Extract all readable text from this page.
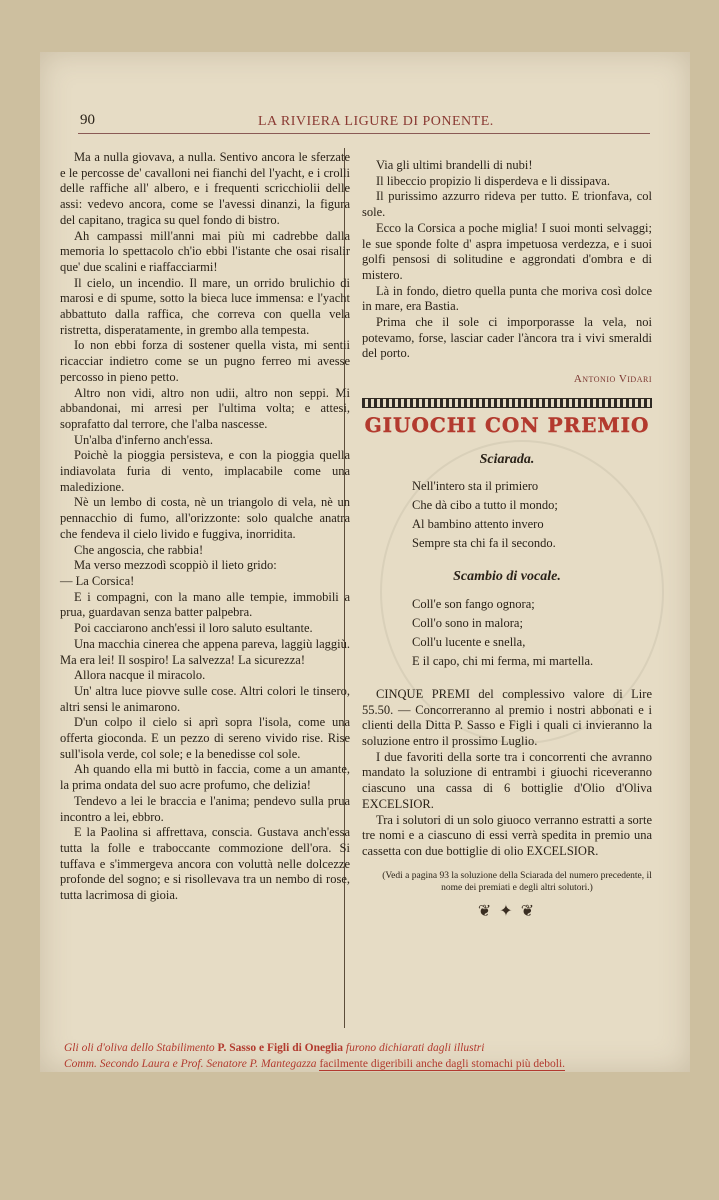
90	LA RIVIERA LIGURE DI PONENTE.

Ma a nulla giovava, a nulla. Sentivo ancora le sferzate e le percosse de' cavalloni nei fianchi del l'yacht, e i crolli delle raffiche all' albero, e i frequenti scricchiolii delle assi: vedevo ancora, come se l'avessi dinanzi, la figura del capitano, tragica su quel fondo di bistro.

Ah campassi mill'anni mai più mi cadrebbe dalla memoria lo spettacolo ch'io ebbi l'istante che osai risalir que' due scalini e riaffacciarmi!

Il cielo, un incendio. Il mare, un orrido brulichio di marosi e di spume, sotto la bieca luce immensa: e l'yacht abbattuto dalla raffica, che correva con quella vela ristretta, disperatamente, in grembo alla tempesta.

Io non ebbi forza di sostener quella vista, mi sentii ricacciar indietro come se un pugno ferreo mi avesse percosso in pieno petto.

Altro non vidi, altro non udii, altro non seppi. Mi abbandonai, mi arresi per l'ultima volta; e attesi, soprafatto dal terrore, che l'alba nascesse.

Un'alba d'inferno anch'essa.

Poichè la pioggia persisteva, e con la pioggia quella indiavolata furia di vento, implacabile come una maledizione.

Nè un lembo di costa, nè un triangolo di vela, nè un pennacchio di fumo, all'orizzonte: solo qualche anatra che fendeva il cielo livido e fuggiva, inorridita.

Che angoscia, che rabbia!

Ma verso mezzodì scoppiò il lieto grido:

— La Corsica!

E i compagni, con la mano alle tempie, immobili a prua, guardavan senza batter palpebra.

Poi cacciarono anch'essi il loro saluto esultante.

Una macchia cinerea che appena pareva, laggiù laggiù. Ma era lei! Il sospiro! La salvezza! La sicurezza!

Allora nacque il miracolo.

Un' altra luce piovve sulle cose. Altri colori le tinsero, altri sensi le animarono.

D'un colpo il cielo si aprì sopra l'isola, come una offerta gioconda. E un pezzo di sereno vivido rise. Rise sull'isola verde, col sole; e la benedisse col sole.

Ah quando ella mi buttò in faccia, come a un amante, la prima ondata del suo acre profumo, che delizia!

Tendevo a lei le braccia e l'anima; pendevo sulla prua incontro a lei, ebbro.

E la Paolina si affrettava, conscia. Gustava anch'essa tutta la folle e traboccante commozione dell'ora. Si tuffava e s'immergeva ancora con voluttà nelle dolcezze profonde del sogno; e si risollevava tra un nembo di rose, tutta lacrimosa di gioia.

Via gli ultimi brandelli di nubi!

Il libeccio propizio li disperdeva e li dissipava.

Il purissimo azzurro rideva per tutto. E trionfava, col sole.

Ecco la Corsica a poche miglia! I suoi monti selvaggi; le sue sponde folte d' aspra impetuosa verdezza, e i suoi golfi pensosi di solitudine e aggrondati d'ombra e di mistero.

Là in fondo, dietro quella punta che moriva così dolce in mare, era Bastia.

Prima che il sole ci imporporasse la vela, noi potevamo, forse, lasciar cader l'àncora tra i vivi smeraldi del porto.

Antonio Vidari
GIUOCHI CON PREMIO
Sciarada.
Nell'intero sta il primiero
Che dà cibo a tutto il mondo;
Al bambino attento invero
Sempre sta chi fa il secondo.
Scambio di vocale.
Coll'e son fango ognora;
Coll'o sono in malora;
Coll'u lucente e snella,
E il capo, chi mi ferma, mi martella.

CINQUE PREMI del complessivo valore di Lire 55.50. — Concorreranno al premio i nostri abbonati e i clienti della Ditta P. Sasso e Figli i quali ci invieranno la soluzione entro il prossimo Luglio.

I due favoriti della sorte tra i concorrenti che avranno mandato la soluzione di entrambi i giuochi riceveranno ciascuno una cassa di 6 bottiglie d'Olio d'Oliva EXCELSIOR.

Tra i solutori di un solo giuoco verranno estratti a sorte tre nomi e a ciascuno di essi verrà spedita in premio una cassetta con due bottiglie di olio EXCELSIOR.

(Vedi a pagina 93 la soluzione della Sciarada del numero precedente, il nome dei premiati e degli altri solutori.)
❦ ✦ ❦
Gli oli d'oliva dello Stabilimento P. Sasso e Figli di Oneglia furono dichiarati dagli illustri
Comm. Secondo Laura e Prof. Senatore P. Mantegazza facilmente digeribili anche dagli stomachi più deboli.
